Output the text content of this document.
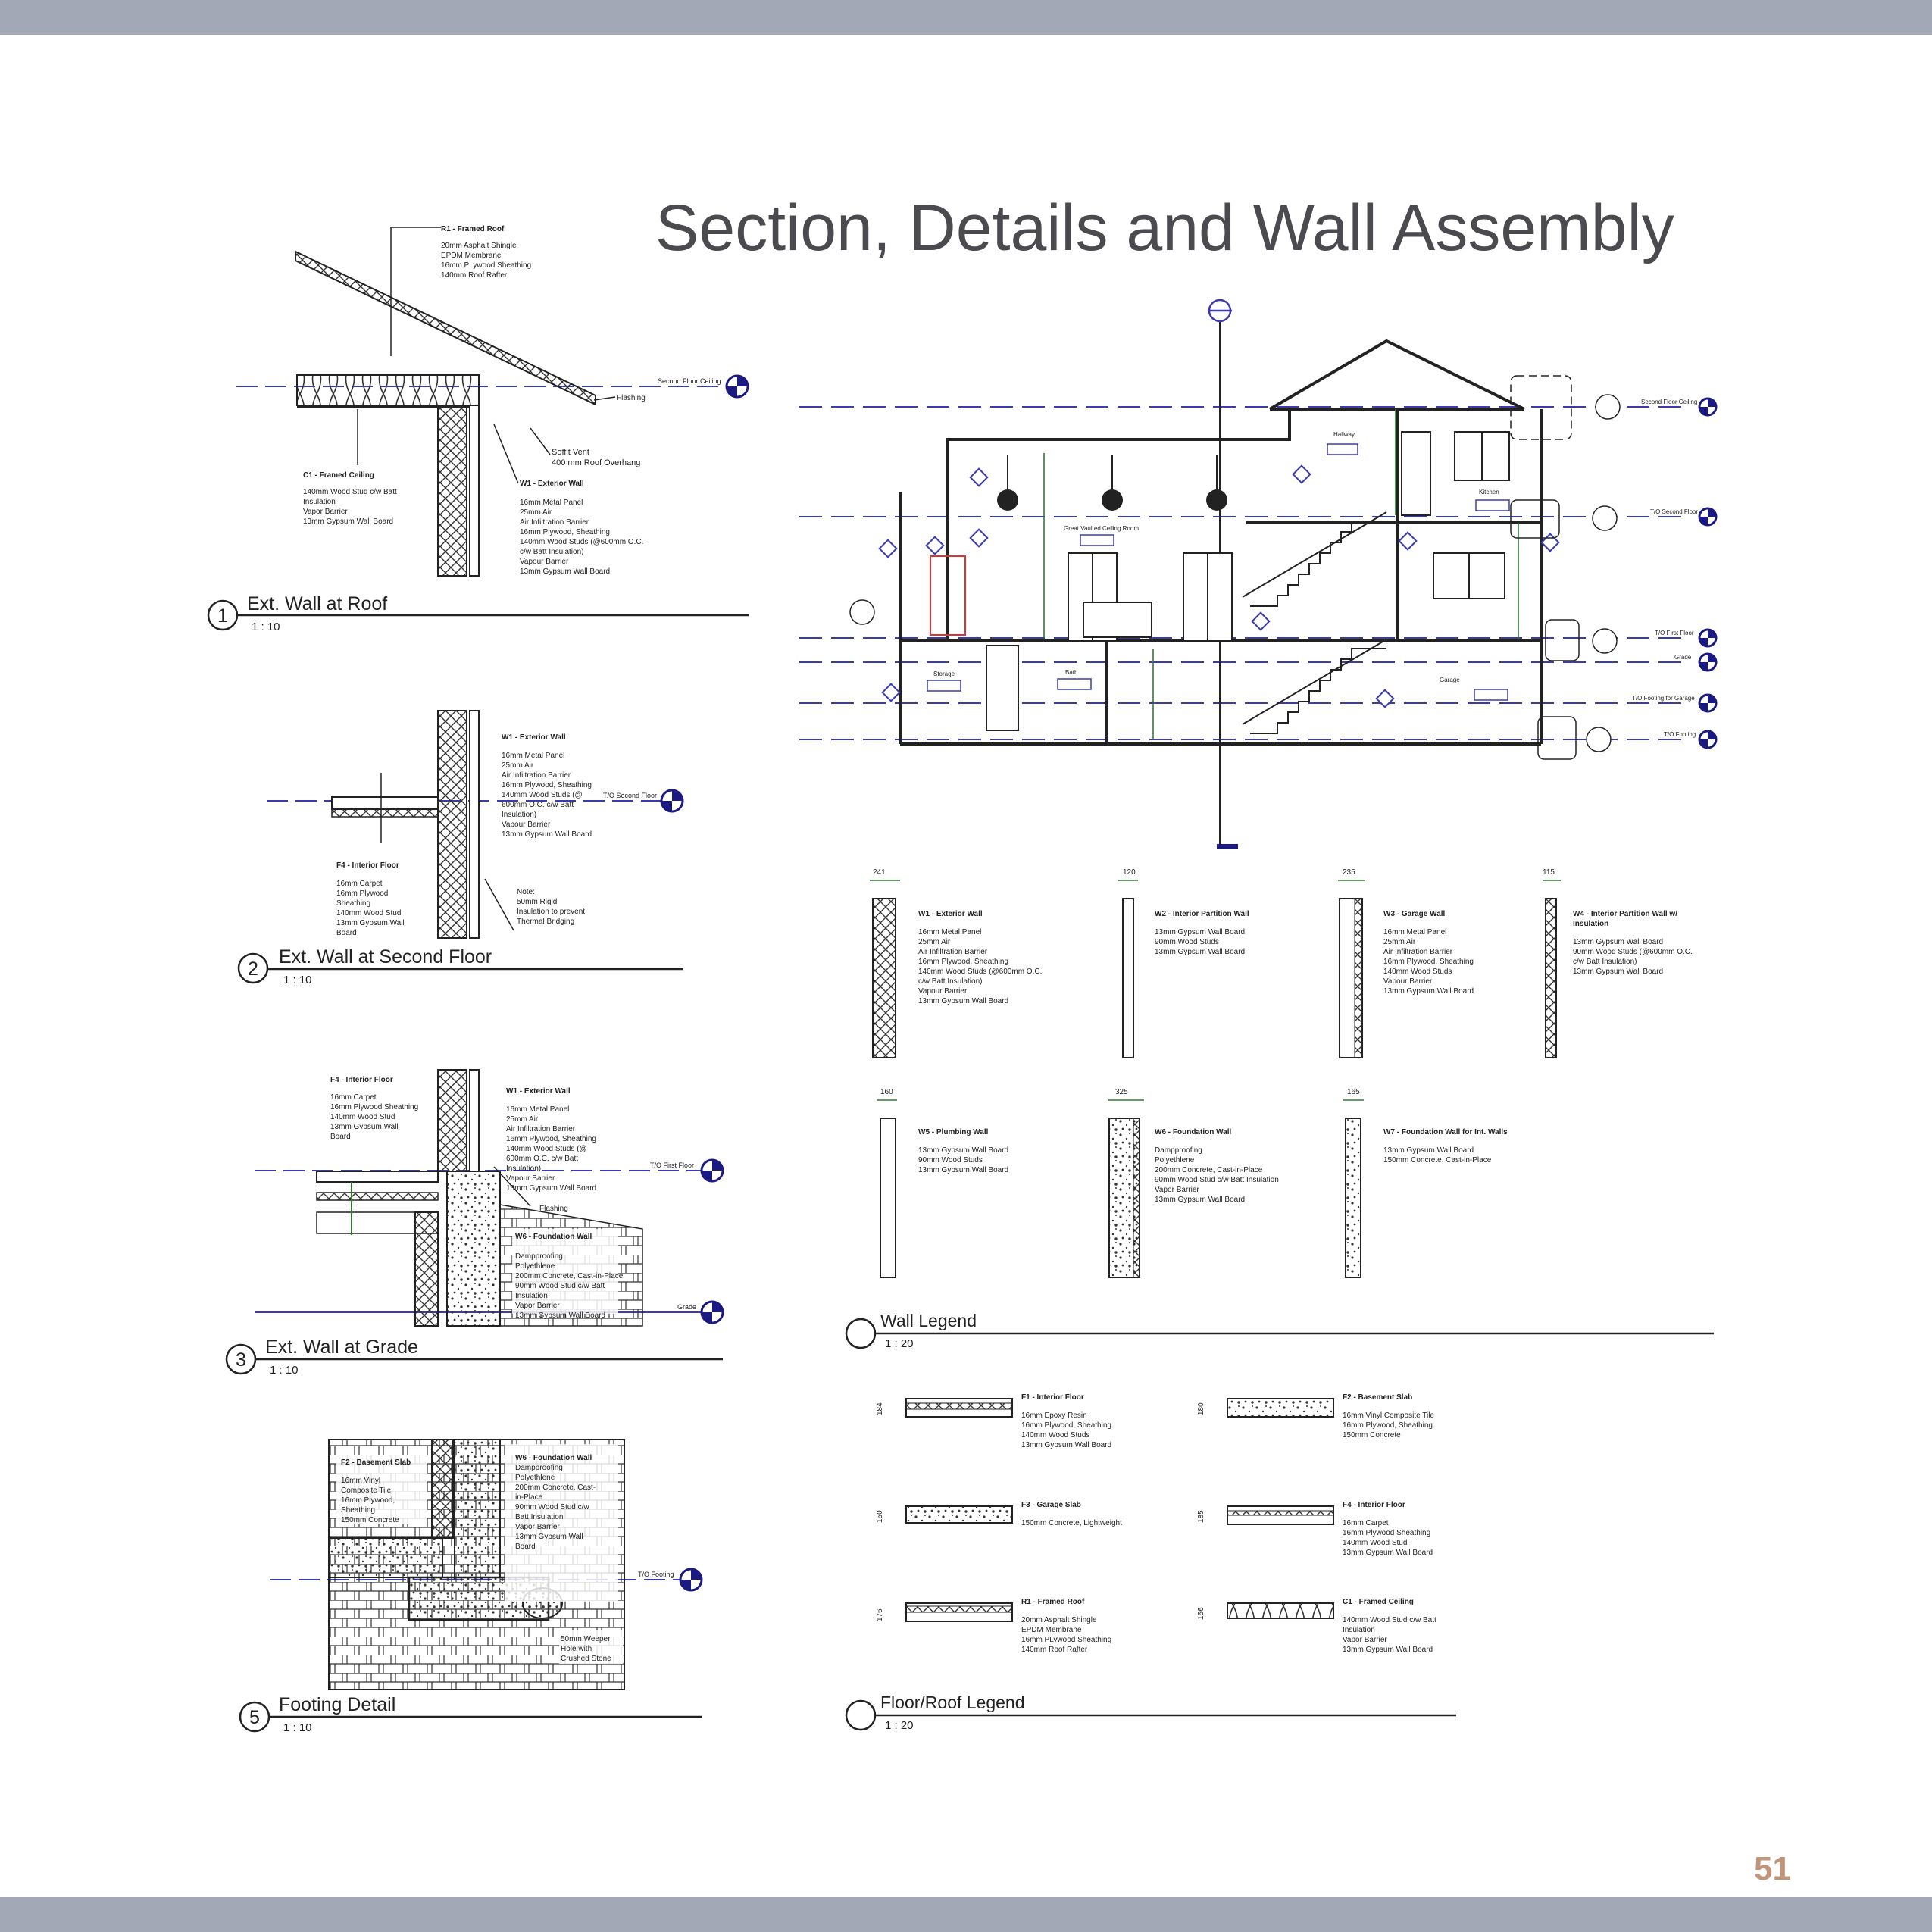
Section, Details and Wall Assembly
Second Floor Ceiling
R1 - Framed Roof 20mm Asphalt Shingle EPDM Membrane 16mm PLywood Sheathing 140mm Roof Rafter
Flashing
Soffit Vent 400 mm Roof Overhang
C1 - Framed Ceiling 140mm Wood Stud c/w Batt Insulation Vapor Barrier 13mm Gypsum Wall Board
W1 - Exterior Wall 16mm Metal Panel 25mm Air Air Infiltration Barrier 16mm Plywood, Sheathing 140mm Wood Studs (@600mm O.C. c/w Batt Insulation) Vapour Barrier 13mm Gypsum Wall Board
1
Ext. Wall at Roof
1 : 10
T/O Second Floor
W1 - Exterior Wall 16mm Metal Panel 25mm Air Air Infiltration Barrier 16mm Plywood, Sheathing 140mm Wood Studs (@ 600mm O.C. c/w Batt Insulation) Vapour Barrier 13mm Gypsum Wall Board
F4 - Interior Floor 16mm Carpet 16mm Plywood Sheathing 140mm Wood Stud 13mm Gypsum Wall Board
Note: 50mm Rigid Insulation to prevent Thermal Bridging
2
Ext. Wall at Second Floor
1 : 10
T/O First Floor
Grade
F4 - Interior Floor 16mm Carpet 16mm Plywood Sheathing 140mm Wood Stud 13mm Gypsum Wall Board
W1 - Exterior Wall 16mm Metal Panel 25mm Air Air Infiltration Barrier 16mm Plywood, Sheathing 140mm Wood Studs (@ 600mm O.C. c/w Batt Insulation) Vapour Barrier 13mm Gypsum Wall Board
Flashing
W6 - Foundation Wall Dampproofing Polyethlene 200mm Concrete, Cast-in-Place 90mm Wood Stud c/w Batt Insulation Vapor Barrier 13mm Gypsum Wall Board
3
Ext. Wall at Grade
1 : 10
T/O Footing
W6 - Foundation Wall Dampproofing Polyethlene 200mm Concrete, Cast- in-Place 90mm Wood Stud c/w Batt Insulation Vapor Barrier 13mm Gypsum Wall Board
F2 - Basement Slab 16mm Vinyl Composite Tile 16mm Plywood, Sheathing 150mm Concrete
50mm Weeper Hole with Crushed Stone
5
Footing Detail
1 : 10
Second Floor Ceiling
T/O Second Floor
T/O First Floor
Grade
T/O Footing for Garage
T/O Footing
Hallway
Kitchen
Great Vaulted Ceiling Room
Storage	Bath
Garage
241
W1 - Exterior Wall 16mm Metal Panel 25mm Air Air Infiltration Barrier 16mm Plywood, Sheathing 140mm Wood Studs (@600mm O.C. c/w Batt Insulation) Vapour Barrier 13mm Gypsum Wall Board
120
W2 - Interior Partition Wall 13mm Gypsum Wall Board 90mm Wood Studs 13mm Gypsum Wall Board
235
W3 - Garage Wall 16mm Metal Panel 25mm Air Air Infiltration Barrier 16mm Plywood, Sheathing 140mm Wood Studs Vapour Barrier 13mm Gypsum Wall Board
115
W4 - Interior Partition Wall w/ Insulation 13mm Gypsum Wall Board 90mm Wood Studs (@600mm O.C. c/w Batt Insulation) 13mm Gypsum Wall Board
160
W5 - Plumbing Wall 13mm Gypsum Wall Board 90mm Wood Studs 13mm Gypsum Wall Board
325
W6 - Foundation Wall Dampproofing Polyethlene 200mm Concrete, Cast-in-Place 90mm Wood Stud c/w Batt Insulation Vapor Barrier 13mm Gypsum Wall Board
165
W7 - Foundation Wall for Int. Walls 13mm Gypsum Wall Board 150mm Concrete, Cast-in-Place
Wall Legend
1 : 20
184
F1 - Interior Floor 16mm Epoxy Resin 16mm Plywood, Sheathing 140mm Wood Studs 13mm Gypsum Wall Board
180
F2 - Basement Slab 16mm Vinyl Composite Tile 16mm Plywood, Sheathing 150mm Concrete
150
F3 - Garage Slab 150mm Concrete, Lightweight
185
F4 - Interior Floor 16mm Carpet 16mm Plywood Sheathing 140mm Wood Stud 13mm Gypsum Wall Board
176
R1 - Framed Roof 20mm Asphalt Shingle EPDM Membrane 16mm PLywood Sheathing 140mm Roof Rafter
156
C1 - Framed Ceiling 140mm Wood Stud c/w Batt Insulation Vapor Barrier 13mm Gypsum Wall Board
Floor/Roof Legend
1 : 20
51
